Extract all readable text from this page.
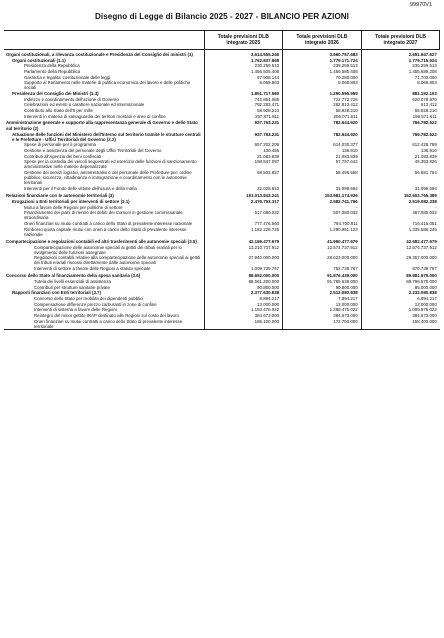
99970V1
Disegno di Legge di Bilancio 2025 - 2027 - BILANCIO PER AZIONI
	Totale previsioni DLB integrato 2025	Totale previsioni DLB integrato 2026	Totale previsioni DLB integrato 2027
Organi costituzionali, a rilevanza costituzionale e Presidenza del Consiglio dei ministri (1)	3.614.555.246	3.660.757.683	2.651.947.627
Organi costituzionali (1.1)	1.762.837.668	1.779.171.724	1.779.715.524
Presidenza della Repubblica	230.259.513	235.259.513	235.259.513
Parlamento della Repubblica	1.456.505.408	1.456.585.408	1.455.689.208
Garanzia e legalita' costituzionale delle leggi	67.908.144	70.280.000	71.700.000
Supporto al Parlamento nelle materie di politica economica del lavoro e delle politiche sociali	8.068.803	8.068.803	8.068.803
Presidenza del Consiglio dei Ministri (1.3)	1.851.717.580	1.290.595.959	881.192.103
Indirizzo e coordinamento dell'azione di Governo	742.854.085	712.772.726	620.078.870
Celebrazioni ed eventi a carattere nazionale ed internazionale	792.283.471	282.813.412	613.412
Contributo allo Stato dell'8 per mille	58.928.210	58.928.210	58.928.210
Interventi in materia di salvaguardia dei territori montani e aree di confine	257.871.811	256.071.611	198.571.611
Amministrazione generale e supporto alla rappresentanza generale di Governo e dello Stato sul territorio (2)	937.763.231	782.644.920	766.782.522
Attuazione delle funzioni del Ministero dell'Interno sul territorio tramite le strutture centrali e le Prefetture - Uffici Territoriali del Governo (2.2)	937.763.231	782.644.920	766.782.522
Spese di personale per il programma	657.202.209	614.030.377	612.428.789
Gestione e assistenza del personale degli Uffici Territoriali del Governo	100.455	136.910	136.910
Contributi all'Agenzia dei beni confiscati	21.083.839	21.083.839	21.083.839
Spese per la custodia dei veicoli sequestrati ed esercizio delle funzioni di sanzionamento amministrative nelle materie depenalizzate	158.847.097	57.797.642	45.353.826
Gestione dei servizi logistici, amministrativi e del personale delle Prefetture per: ordine pubblico, sicurezza, cittadinanza e immigrazione e coordinamento con le autonomie territoriali	68.502.827	58.496.558	56.681.764
Interventi per il Fondo delle vittime dell'usura e della mafia	32.028.810	31.099.594	31.099.594
Relazioni finanziarie con le autonomie territoriali (3)	151.013.843.241	153.981.174.936	152.602.765.389
Erogazioni a Enti territoriali per interventi di settore (3.1)	2.476.753.317	2.582.741.766	2.519.082.338
Mutui a favore delle Regioni per politiche di settore	-	-	-
Finanziamento dei piani di rientro dei debiti dei Comuni in gestione commissariale straordinaria	517.080.032	507.080.032	487.080.032
Oneri finanziari su mutui contratti a carico dello Stato di prevalente interesse nazionale	777.476.560	784.700.811	716.416.051
Rimborso quota capitale mutui con oneri a carico dello Stato di prevalente interesse nazionale	1.182.228.725	1.290.961.123	1.335.586.245
Compartecipazione e regolazioni contabili ed altri trasferimenti alle autonomie speciali (3.5)	42.169.477.679	41.950.477.679	42.682.477.679
Compartecipazione delle autonomie speciali ai gettiti dei tributi erariali per lo svolgimento delle funzioni assegnate	13.210.737.912	12.574.737.912	12.574.737.912
Regolazioni contabili relative alla compartecipazione delle autonomie speciali ai gettiti dei tributi erariali riscossi direttamente dalle autonomie speciali	27.940.000.000	28.623.000.000	29.357.000.000
Interventi di settore a favore delle Regioni a statuto speciale	1.009.739.767	752.739.767	870.739.767
Concorso dello Stato al finanziamento della spesa sanitaria (3.6)	88.652.000.000	91.876.439.000	89.881.570.000
Tutela dei livelli essenziali di assistenza	88.561.200.000	91.785.639.000	89.796.570.000
Contributi per strutture sanitarie private	90.800.000	90.800.000	85.000.000
Rapporti finanziari con Enti territoriali (3.7)	2.377.630.838	2.512.080.838	2.232.080.838
Concorso dello Stato per mobilita dei dipendenti pubblici	8.894.217	7.894.217	6.894.217
Compensazione differenze prezzo carburanti in zone di confine	13.000.000	13.000.000	13.000.000
Interventi di sistema a favore delle Regioni	1.153.475.022	1.288.475.022	1.009.975.022
Reintegro del minor gettito IRAP destinato alle Regioni sul costo del lavoro	384.673.000	384.673.000	384.673.000
Oneri finanziari su mutui contratti a carico dello Stato di prevalente interesse territoriale	186.100.000	172.750.000	158.400.000
